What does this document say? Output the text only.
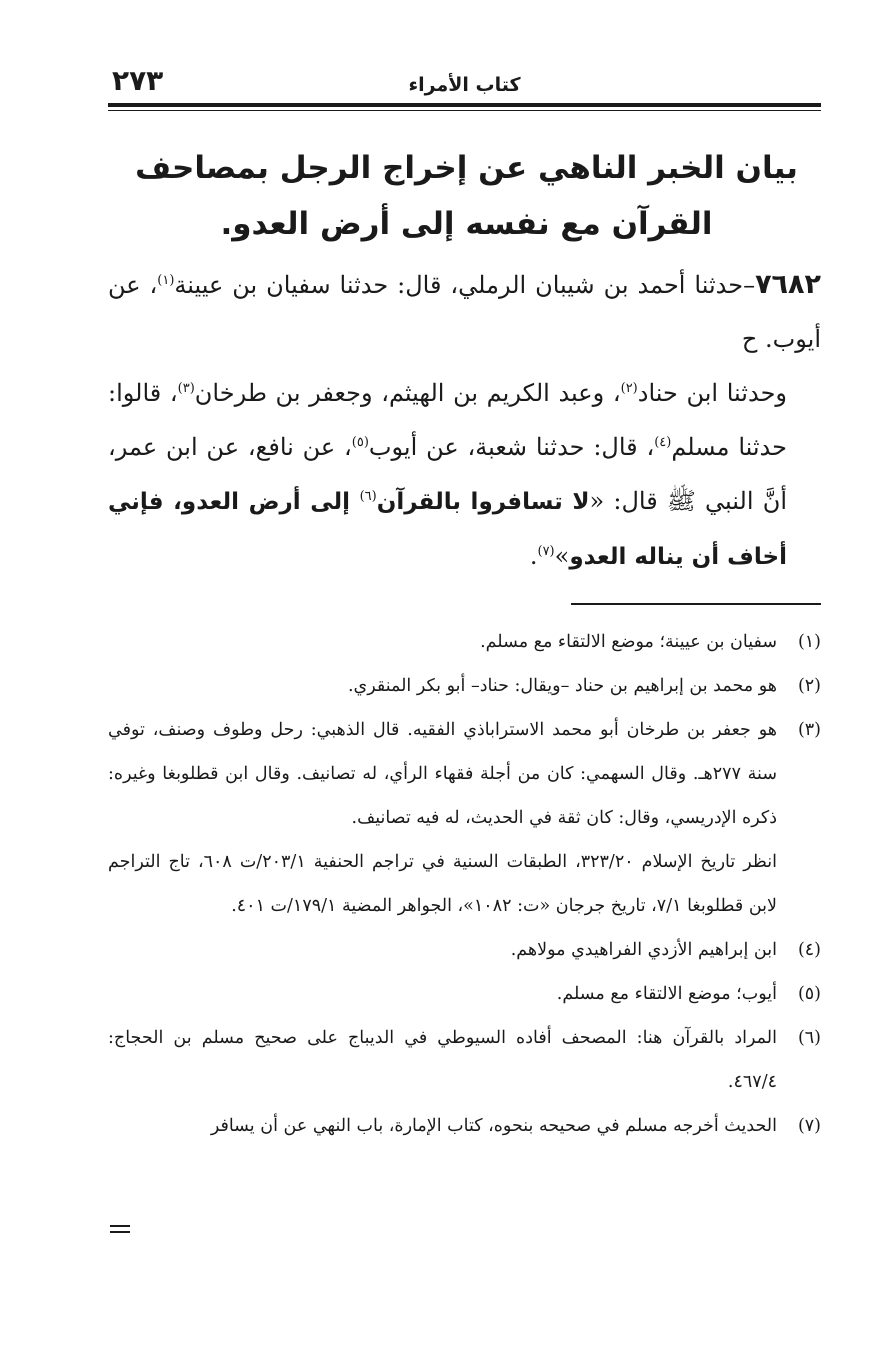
كتاب الأمراء
٢٧٣
بيان الخبر الناهي عن إخراج الرجل بمصاحف القرآن مع نفسه إلى أرض العدو.

٧٦٨٢–حدثنا أحمد بن شيبان الرملي، قال: حدثنا سفيان بن عيينة$^{(١)}$، عن أيوب. ح

وحدثنا ابن حناد$^{(٢)}$، وعبد الكريم بن الهيثم، وجعفر بن طرخان$^{(٣)}$، قالوا: حدثنا مسلم$^{(٤)}$، قال: حدثنا شعبة، عن أيوب$^{(٥)}$، عن نافع، عن ابن عمر، أنَّ النبي ﷺ قال: «لا تسافروا بالقرآن$^{(٦)}$ إلى أرض العدو، فإني أخاف أن يناله العدو»$^{(٧)}$.

(١)

سفيان بن عيينة؛ موضع الالتقاء مع مسلم.

(٢)

هو محمد بن إبراهيم بن حناد –ويقال: حناد– أبو بكر المنقري.

(٣)

هو جعفر بن طرخان أبو محمد الاستراباذي الفقيه. قال الذهبي: رحل وطوف وصنف، توفي سنة ٢٧٧هـ. وقال السهمي: كان من أجلة فقهاء الرأي، له تصانيف. وقال ابن قطلوبغا وغيره: ذكره الإدريسي، وقال: كان ثقة في الحديث، له فيه تصانيف.

انظر تاريخ الإسلام ٣٢٣/٢٠، الطبقات السنية في تراجم الحنفية ٢٠٣/١/ت ٦٠٨، تاج التراجم لابن قطلوبغا ٧/١، تاريخ جرجان «ت: ١٠٨٢»، الجواهر المضية ١٧٩/١/ت ٤٠١.

(٤)

ابن إبراهيم الأزدي الفراهيدي مولاهم.

(٥)

أيوب؛ موضع الالتقاء مع مسلم.

(٦)

المراد بالقرآن هنا: المصحف أفاده السيوطي في الديباج على صحيح مسلم بن الحجاج: ٤٦٧/٤.

(٧)

الحديث أخرجه مسلم في صحيحه بنحوه، كتاب الإمارة، باب النهي عن أن يسافر
